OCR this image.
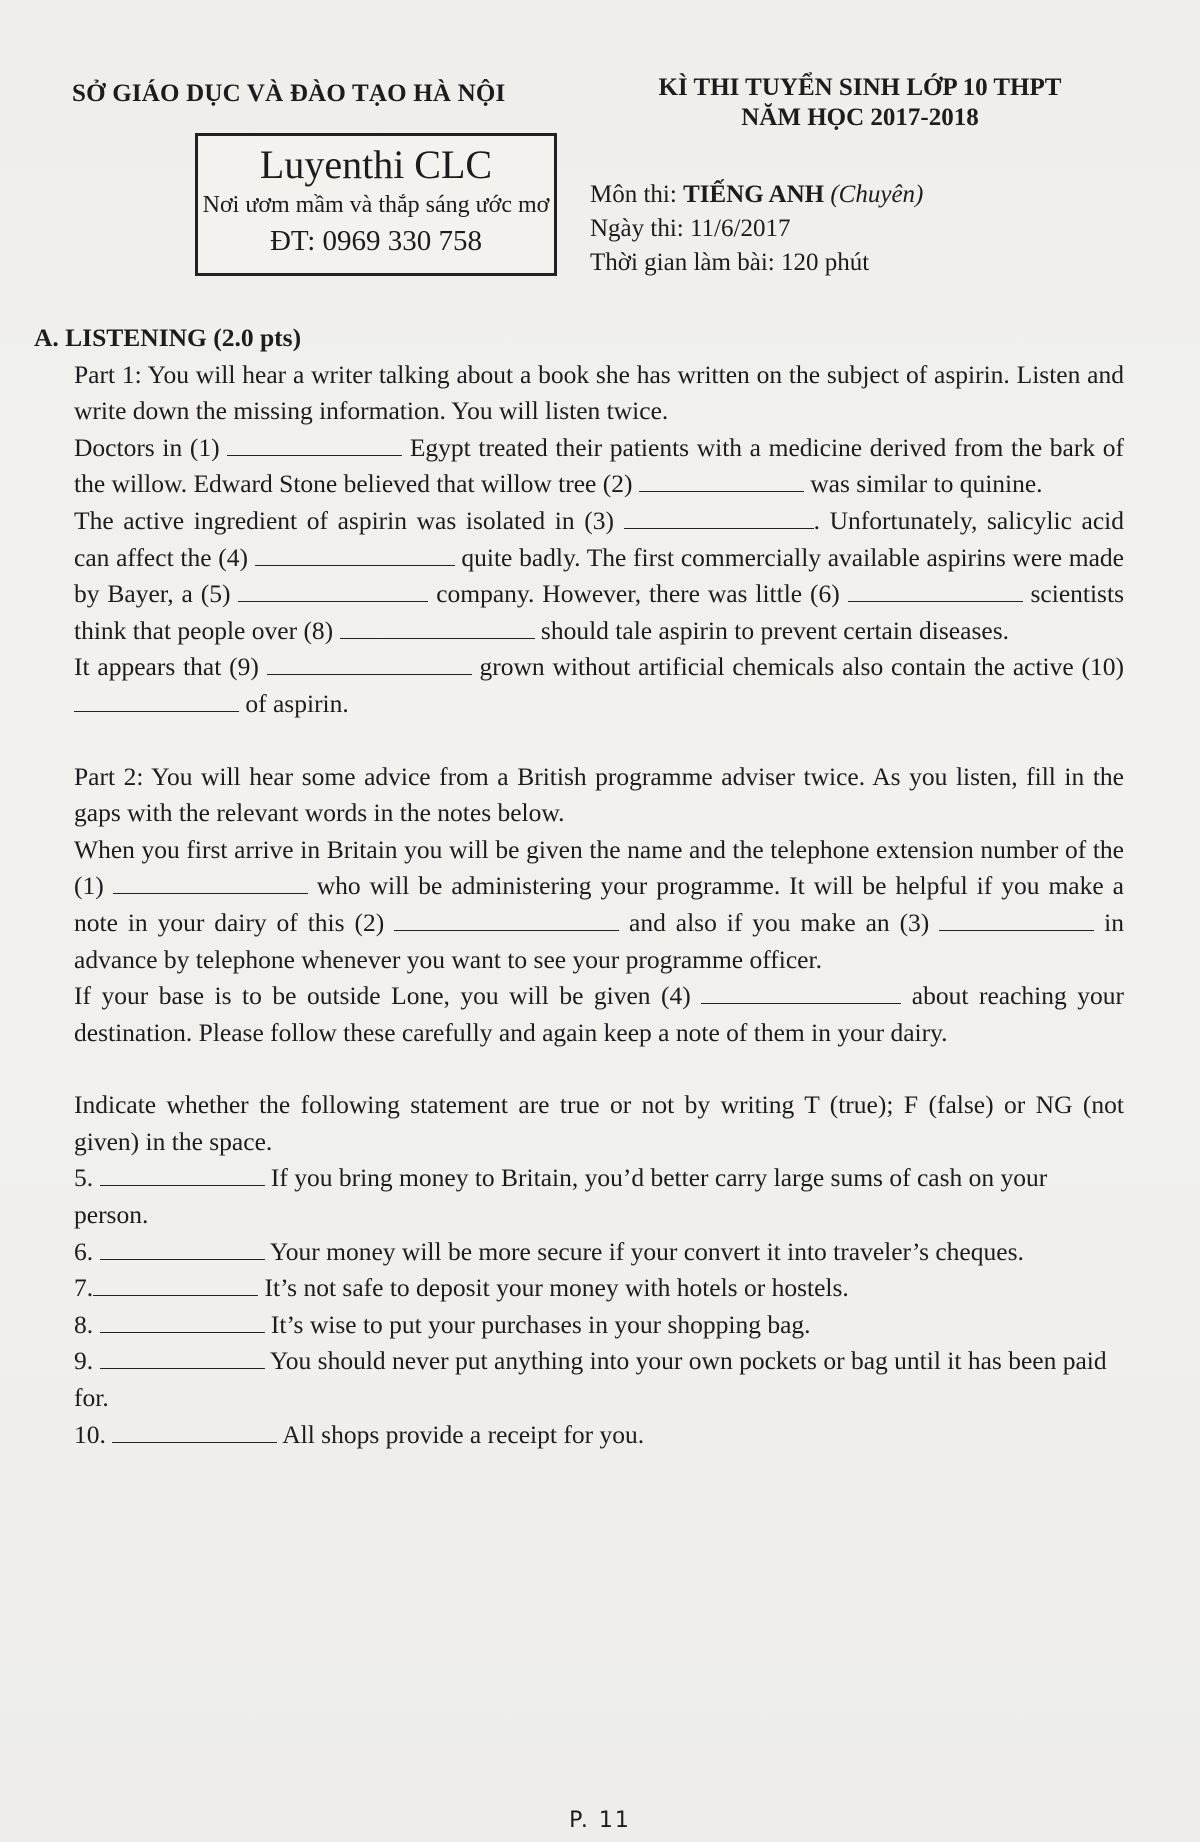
SỞ GIÁO DỤC VÀ ĐÀO TẠO HÀ NỘI	KÌ THI TUYỂN SINH LỚP 10 THPT
NĂM HỌC 2017-2018
Luyenthi CLC
Nơi ươm mầm và thắp sáng ước mơ
ĐT: 0969 330 758
Môn thi: TIẾNG ANH (Chuyên)
Ngày thi: 11/6/2017
Thời gian làm bài: 120 phút
A. LISTENING (2.0 pts)
Part 1: You will hear a writer talking about a book she has written on the subject of aspirin. Listen and write down the missing information. You will listen twice.
Doctors in (1)	Egypt treated their patients with a medicine derived from the bark of the willow. Edward Stone believed that willow tree (2)	was similar to quinine.
The active ingredient of aspirin was isolated in (3)	. Unfortunately, salicylic acid can affect the (4)	quite badly. The first commercially available aspirins were made by Bayer, a (5)	company. However, there was little (6)	scientists think that people over (8)	should tale aspirin to prevent certain diseases.
It appears that (9)	grown without artificial chemicals also contain the active (10)  of aspirin.
Part 2: You will hear some advice from a British programme adviser twice. As you listen, fill in the gaps with the relevant words in the notes below.
When you first arrive in Britain you will be given the name and the telephone extension number of the (1)	who will be administering your programme. It will be helpful if you make a note in your dairy of this (2)	and also if you make an (3)	in advance by telephone whenever you want to see your programme officer.
If your base is to be outside Lone, you will be given (4)	about reaching your destination. Please follow these carefully and again keep a note of them in your dairy.
Indicate whether the following statement are true or not by writing T (true); F (false) or NG (not given) in the space.
5.	If you bring money to Britain, you’d better carry large sums of cash on your person.
6.	Your money will be more secure if your convert it into traveler’s cheques.
7.	It’s not safe to deposit your money with hotels or hostels.
8.	It’s wise to put your purchases in your shopping bag.
9.	You should never put anything into your own pockets or bag until it has been paid for.
10.	All shops provide a receipt for you.
P. 11
